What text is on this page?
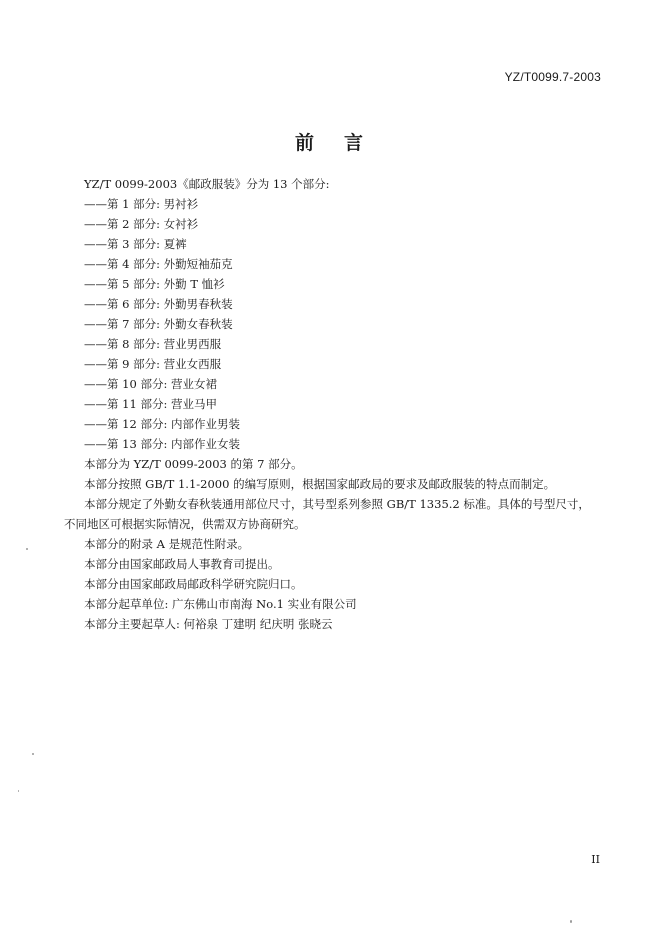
YZ/T0099.7-2003
前言
YZ/T 0099-2003《邮政服装》分为 13 个部分:
——第 1 部分: 男衬衫
——第 2 部分: 女衬衫
——第 3 部分: 夏裤
——第 4 部分: 外勤短袖茄克
——第 5 部分: 外勤 T 恤衫
——第 6 部分: 外勤男春秋装
——第 7 部分: 外勤女春秋装
——第 8 部分: 营业男西服
——第 9 部分: 营业女西服
——第 10 部分: 营业女裙
——第 11 部分: 营业马甲
——第 12 部分: 内部作业男装
——第 13 部分: 内部作业女装
本部分为 YZ/T 0099-2003 的第 7 部分。
本部分按照 GB/T 1.1-2000 的编写原则，根据国家邮政局的要求及邮政服装的特点而制定。
本部分规定了外勤女春秋装通用部位尺寸，其号型系列参照 GB/T 1335.2 标准。具体的号型尺寸，
不同地区可根据实际情况，供需双方协商研究。
本部分的附录 A 是规范性附录。
本部分由国家邮政局人事教育司提出。
本部分由国家邮政局邮政科学研究院归口。
本部分起草单位: 广东佛山市南海 No.1 实业有限公司
本部分主要起草人: 何裕泉 丁建明 纪庆明 张晓云
II
